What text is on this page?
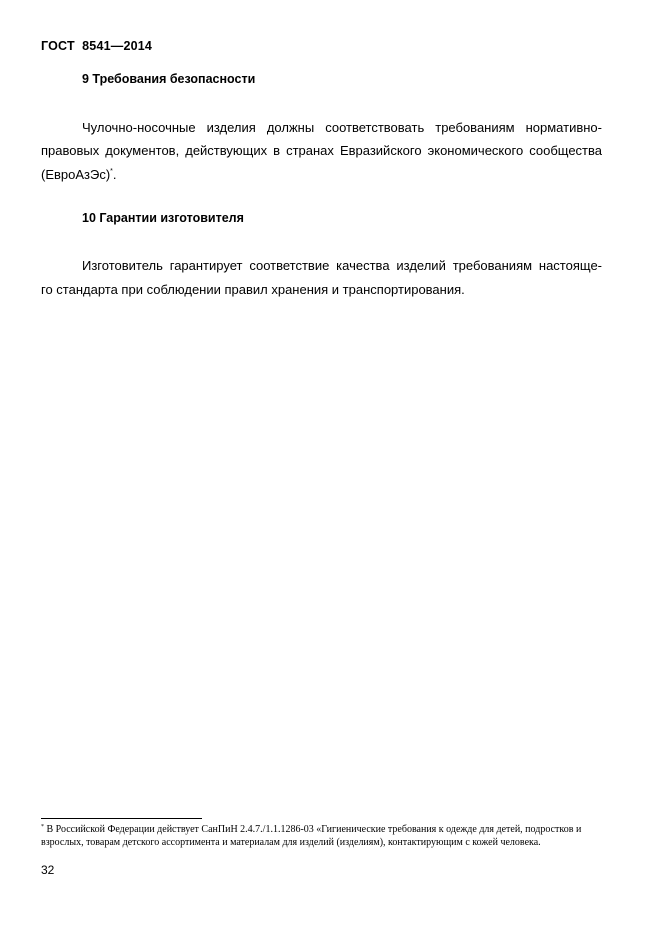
ГОСТ  8541—2014
9 Требования безопасности
Чулочно-носочные изделия должны соответствовать требованиям нормативно-
правовых документов, действующих в странах Евразийского экономического сообщества
(ЕвроАзЭс)*.
10 Гарантии изготовителя
Изготовитель гарантирует соответствие качества изделий требованиям настояще-
го стандарта при соблюдении правил хранения и транспортирования.
* В Российской Федерации действует СанПиН 2.4.7./1.1.1286-03 «Гигиенические требования к одежде для детей, подростков и взрослых, товарам детского ассортимента и материалам для изделий (изделиям), контактирующим с кожей человека.
32
